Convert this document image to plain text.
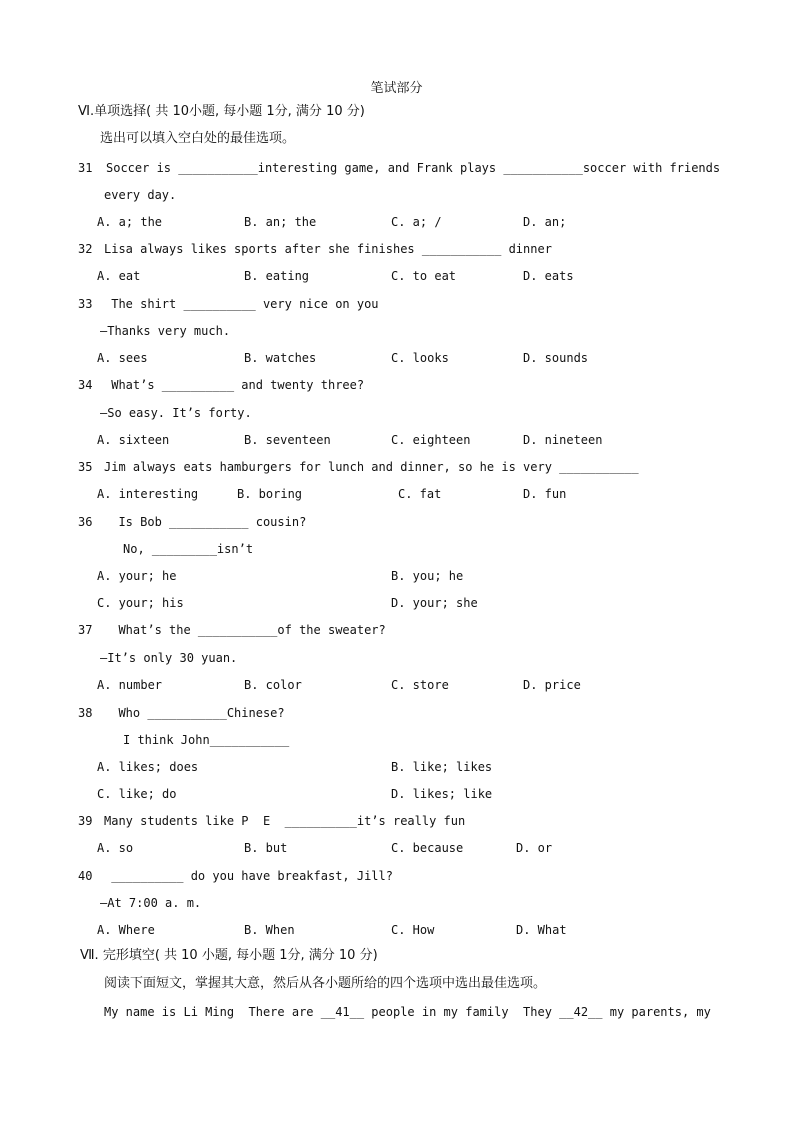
笔试部分
Ⅵ.单项选择( 共 10小题, 每小题 1分, 满分 10 分)
选出可以填入空白处的最佳选项。
31 Soccer is ___________interesting game, and Frank plays ___________soccer with friends
every day.
A. a; the	B. an; the	C. a; /	D. an;
32 Lisa always likes sports after she finishes ___________ dinner
A. eat	B. eating	C. to eat	D. eats
33 The shirt __________ very nice on you
—Thanks very much.
A. sees	B. watches	C. looks	D. sounds
34 What’s __________ and twenty three?
—So easy. It’s forty.
A. sixteen	B. seventeen	C. eighteen	D. nineteen
35 Jim always eats hamburgers for lunch and dinner, so he is very ___________
A. interesting	B. boring	C. fat	D. fun
36 Is Bob ___________ cousin?
No, _________isn’t
A. your; he	B. you; he
C. your; his	D. your; she
37 What’s the ___________of the sweater?
—It’s only 30 yuan.
A. number	B. color	C. store	D. price
38 Who ___________Chinese?
I think John___________
A. likes; does	B. like; likes
C. like; do	D. likes; like
39 Many students like P  E  __________it’s really fun
A. so	B. but	C. because	D. or
40 __________ do you have breakfast, Jill?
—At 7:00 a. m.
A. Where	B. When	C. How	D. What
Ⅶ. 完形填空( 共 10 小题, 每小题 1分, 满分 10 分)
阅读下面短文，掌握其大意，然后从各小题所给的四个选项中选出最佳选项。
My name is Li Ming  There are __41__ people in my family  They __42__ my parents, my
